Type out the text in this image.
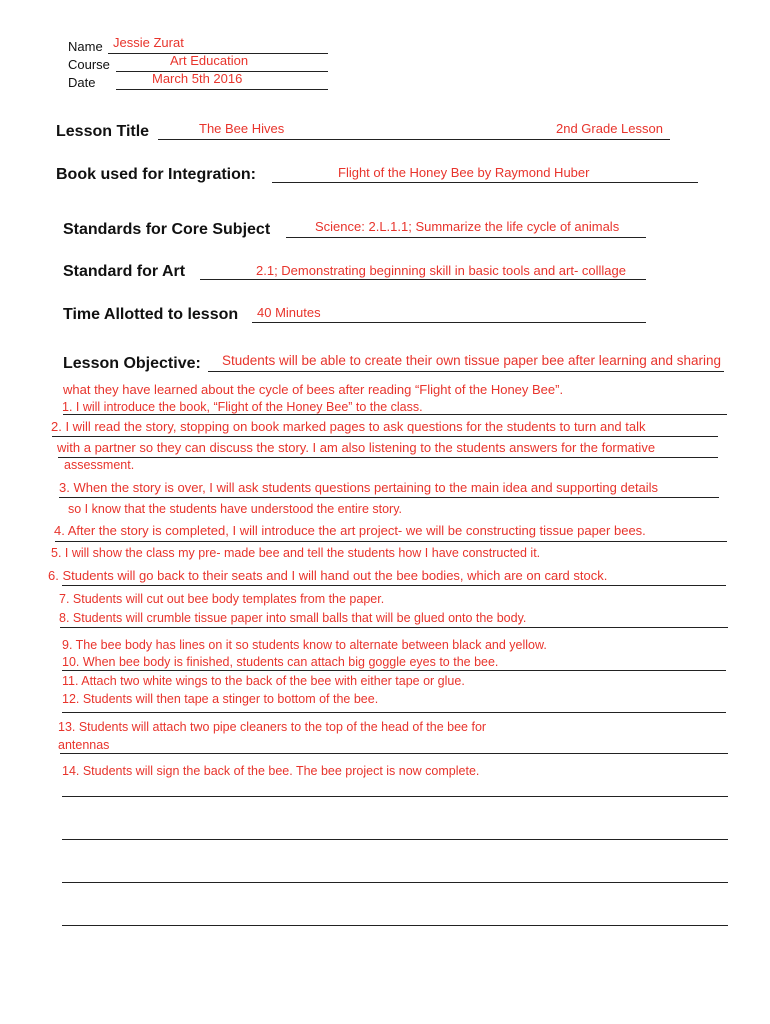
Name Jessie Zurat
Course	Art Education
Date	March 5th 2016
Lesson Title	The Bee Hives	2nd Grade Lesson
Book used for Integration:	Flight of the Honey Bee by Raymond Huber
Standards for Core Subject	Science: 2.L.1.1; Summarize the life cycle of animals
Standard for Art	2.1; Demonstrating beginning skill in basic tools and art- colllage
Time Allotted to lesson 40 Minutes
Lesson Objective: Students will be able to create their own tissue paper bee after learning and sharing
what they have learned about the cycle of bees after reading “Flight of the Honey Bee”.
1. I will introduce the book, “Flight of the Honey Bee” to the class.
2. I will read the story, stopping on book marked pages to ask questions for the students to turn and talk
with a partner so they can discuss the story. I am also listening to the students answers for the formative
assessment.
3. When the story is over, I will ask students questions pertaining to the main idea and supporting details
so I know that the students have understood the entire story.
4. After the story is completed, I will introduce the art project- we will be constructing tissue paper bees.
5. I will show the class my pre- made bee and tell the students how I have constructed it.
6. Students will go back to their seats and I will hand out the bee bodies, which are on card stock.
7. Students will cut out bee body templates from the paper.
8. Students will crumble tissue paper into small balls that will be glued onto the body.
9. The bee body has lines on it so students know to alternate between black and yellow.
10. When bee body is finished, students can attach big goggle eyes to the bee.
11. Attach two white wings to the back of the bee with either tape or glue.
12. Students will then tape a stinger to bottom of the bee.
13. Students will attach two pipe cleaners to the top of the head of the bee for
antennas
14. Students will sign the back of the bee. The bee project is now complete.
